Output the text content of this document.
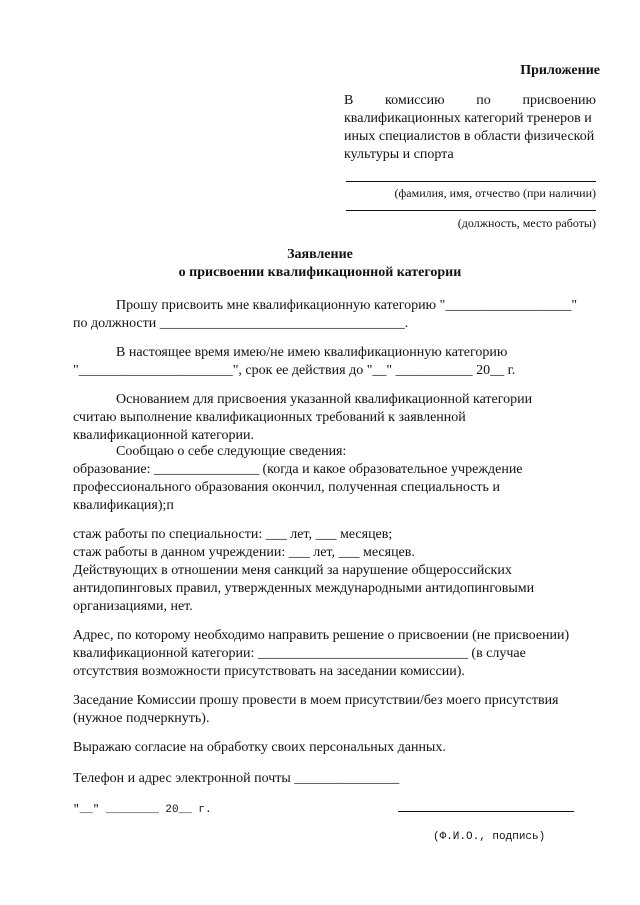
Приложение
В комиссию по присвоению
квалификационных категорий тренеров и
иных специалистов в области физической
культуры и спорта
(фамилия, имя, отчество (при наличии)
(должность, место работы)
Заявление
о присвоении квалификационной категории
Прошу присвоить мне квалификационную категорию "__________________"
по должности ___________________________________.
В настоящее время имею/не имею квалификационную категорию
"______________________", срок ее действия до "__" ___________ 20__ г.
Основанием для присвоения указанной квалификационной категории
считаю выполнение квалификационных требований к заявленной
квалификационной категории.
Сообщаю о себе следующие сведения:
образование: _______________ (когда и какое образовательное учреждение
профессионального образования окончил, полученная специальность и
квалификация);п
стаж работы по специальности: ___ лет, ___ месяцев;
стаж работы в данном учреждении: ___ лет, ___ месяцев.
Действующих в отношении меня санкций за нарушение общероссийских
антидопинговых правил, утвержденных международными антидопинговыми
организациями, нет.
Адрес, по которому необходимо направить решение о присвоении (не присвоении)
квалификационной категории: ______________________________ (в случае
отсутствия возможности присутствовать на заседании комиссии).
Заседание Комиссии прошу провести в моем присутствии/без моего присутствия
(нужное подчеркнуть).
Выражаю согласие на обработку своих персональных данных.
Телефон и адрес электронной почты _______________
"__" ________ 20__ г.
(Ф.И.О., подпись)
